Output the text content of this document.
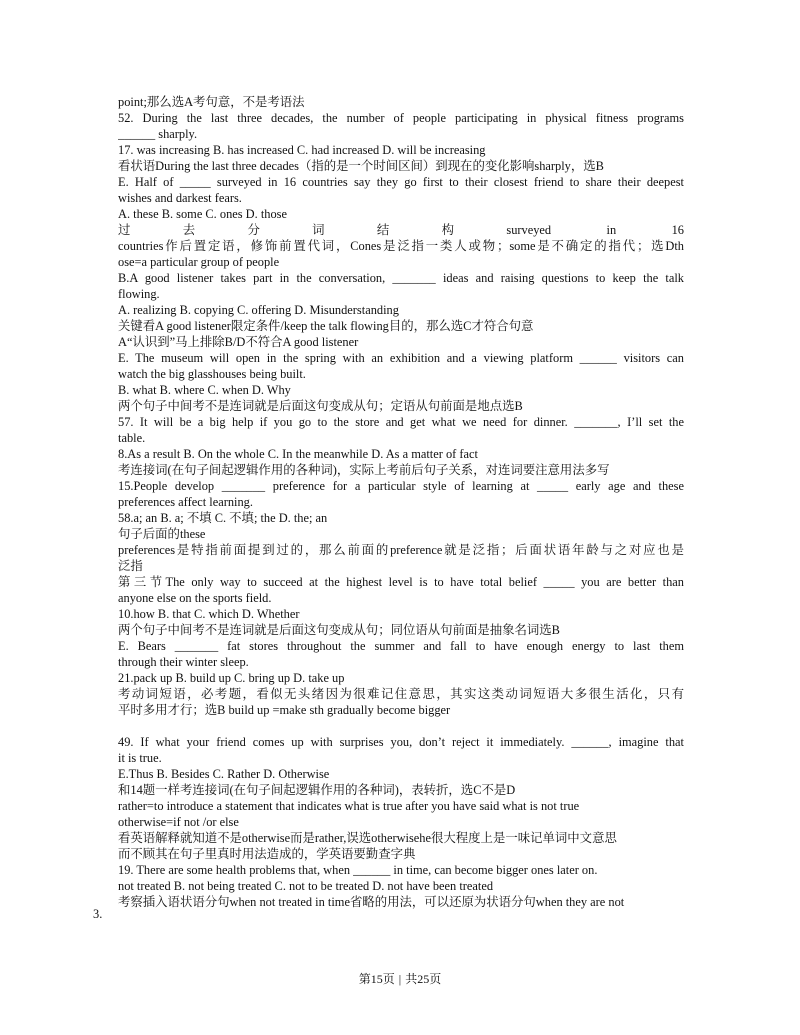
point;那么选A考句意，不是考语法
52. During the last three decades, the number of people participating in physical fitness programs
______ sharply.
17. was increasing B. has increased C. had increased D. will be increasing
看状语During the last three decades（指的是一个时间区间）到现在的变化影响sharply，选B
E. Half of _____ surveyed in 16 countries say they go first to their closest friend to share their deepest
wishes and darkest fears.
A. these B. some C. ones D. those
过去分词结构surveyed in 16
countries作后置定语，修饰前置代词，Cones是泛指一类人或物；some是不确定的指代；选Dth
ose=a particular group of people
B.A good listener takes part in the conversation, _______ ideas and raising questions to keep the talk
flowing.
A. realizing B. copying C. offering D. Misunderstanding
关键看A good listener限定条件/keep the talk flowing目的，那么选C才符合句意
A“认识到”马上排除B/D不符合A good listener
E. The museum will open in the spring with an exhibition and a viewing platform ______ visitors can
watch the big glasshouses being built.
B. what B. where C. when D. Why
两个句子中间考不是连词就是后面这句变成从句；定语从句前面是地点选B
57. It will be a big help if you go to the store and get what we need for dinner. _______, I’ll set the
table.
8.As a result B. On the whole C. In the meanwhile D. As a matter of fact
考连接词(在句子间起逻辑作用的各种词)，实际上考前后句子关系，对连词要注意用法多写
15.People develop _______ preference for a particular style of learning at _____ early age and these
preferences affect learning.
58.a; an B. a; 不填 C. 不填; the D. the; an
句子后面的these
preferences是特指前面提到过的，那么前面的preference就是泛指；后面状语年龄与之对应也是
泛指
第三节The only way to succeed at the highest level is to have total belief _____ you are better than
anyone else on the sports field.
10.how B. that C. which D. Whether
两个句子中间考不是连词就是后面这句变成从句；同位语从句前面是抽象名词选B
E. Bears _______ fat stores throughout the summer and fall to have enough energy to last them
through their winter sleep.
21.pack up B. build up C. bring up D. take up
考动词短语，必考题，看似无头绪因为很难记住意思，其实这类动词短语大多很生活化，只有
平时多用才行；选B build up =make sth gradually become bigger
49. If what your friend comes up with surprises you, don’t reject it immediately. ______, imagine that
it is true.
E.Thus B. Besides C. Rather D. Otherwise
和14题一样考连接词(在句子间起逻辑作用的各种词)，表转折，选C不是D
rather=to introduce a statement that indicates what is true after you have said what is not true
otherwise=if not /or else
看英语解释就知道不是otherwise而是rather,误选otherwisehe很大程度上是一味记单词中文意思
而不顾其在句子里真时用法造成的，学英语要勤查字典
19. There are some health problems that, when ______ in time, can become bigger ones later on.
not treated B. not being treated C. not to be treated D. not have been treated
考察插入语状语分句when not treated in time省略的用法，可以还原为状语分句when they are not
3.
第15页 | 共25页
